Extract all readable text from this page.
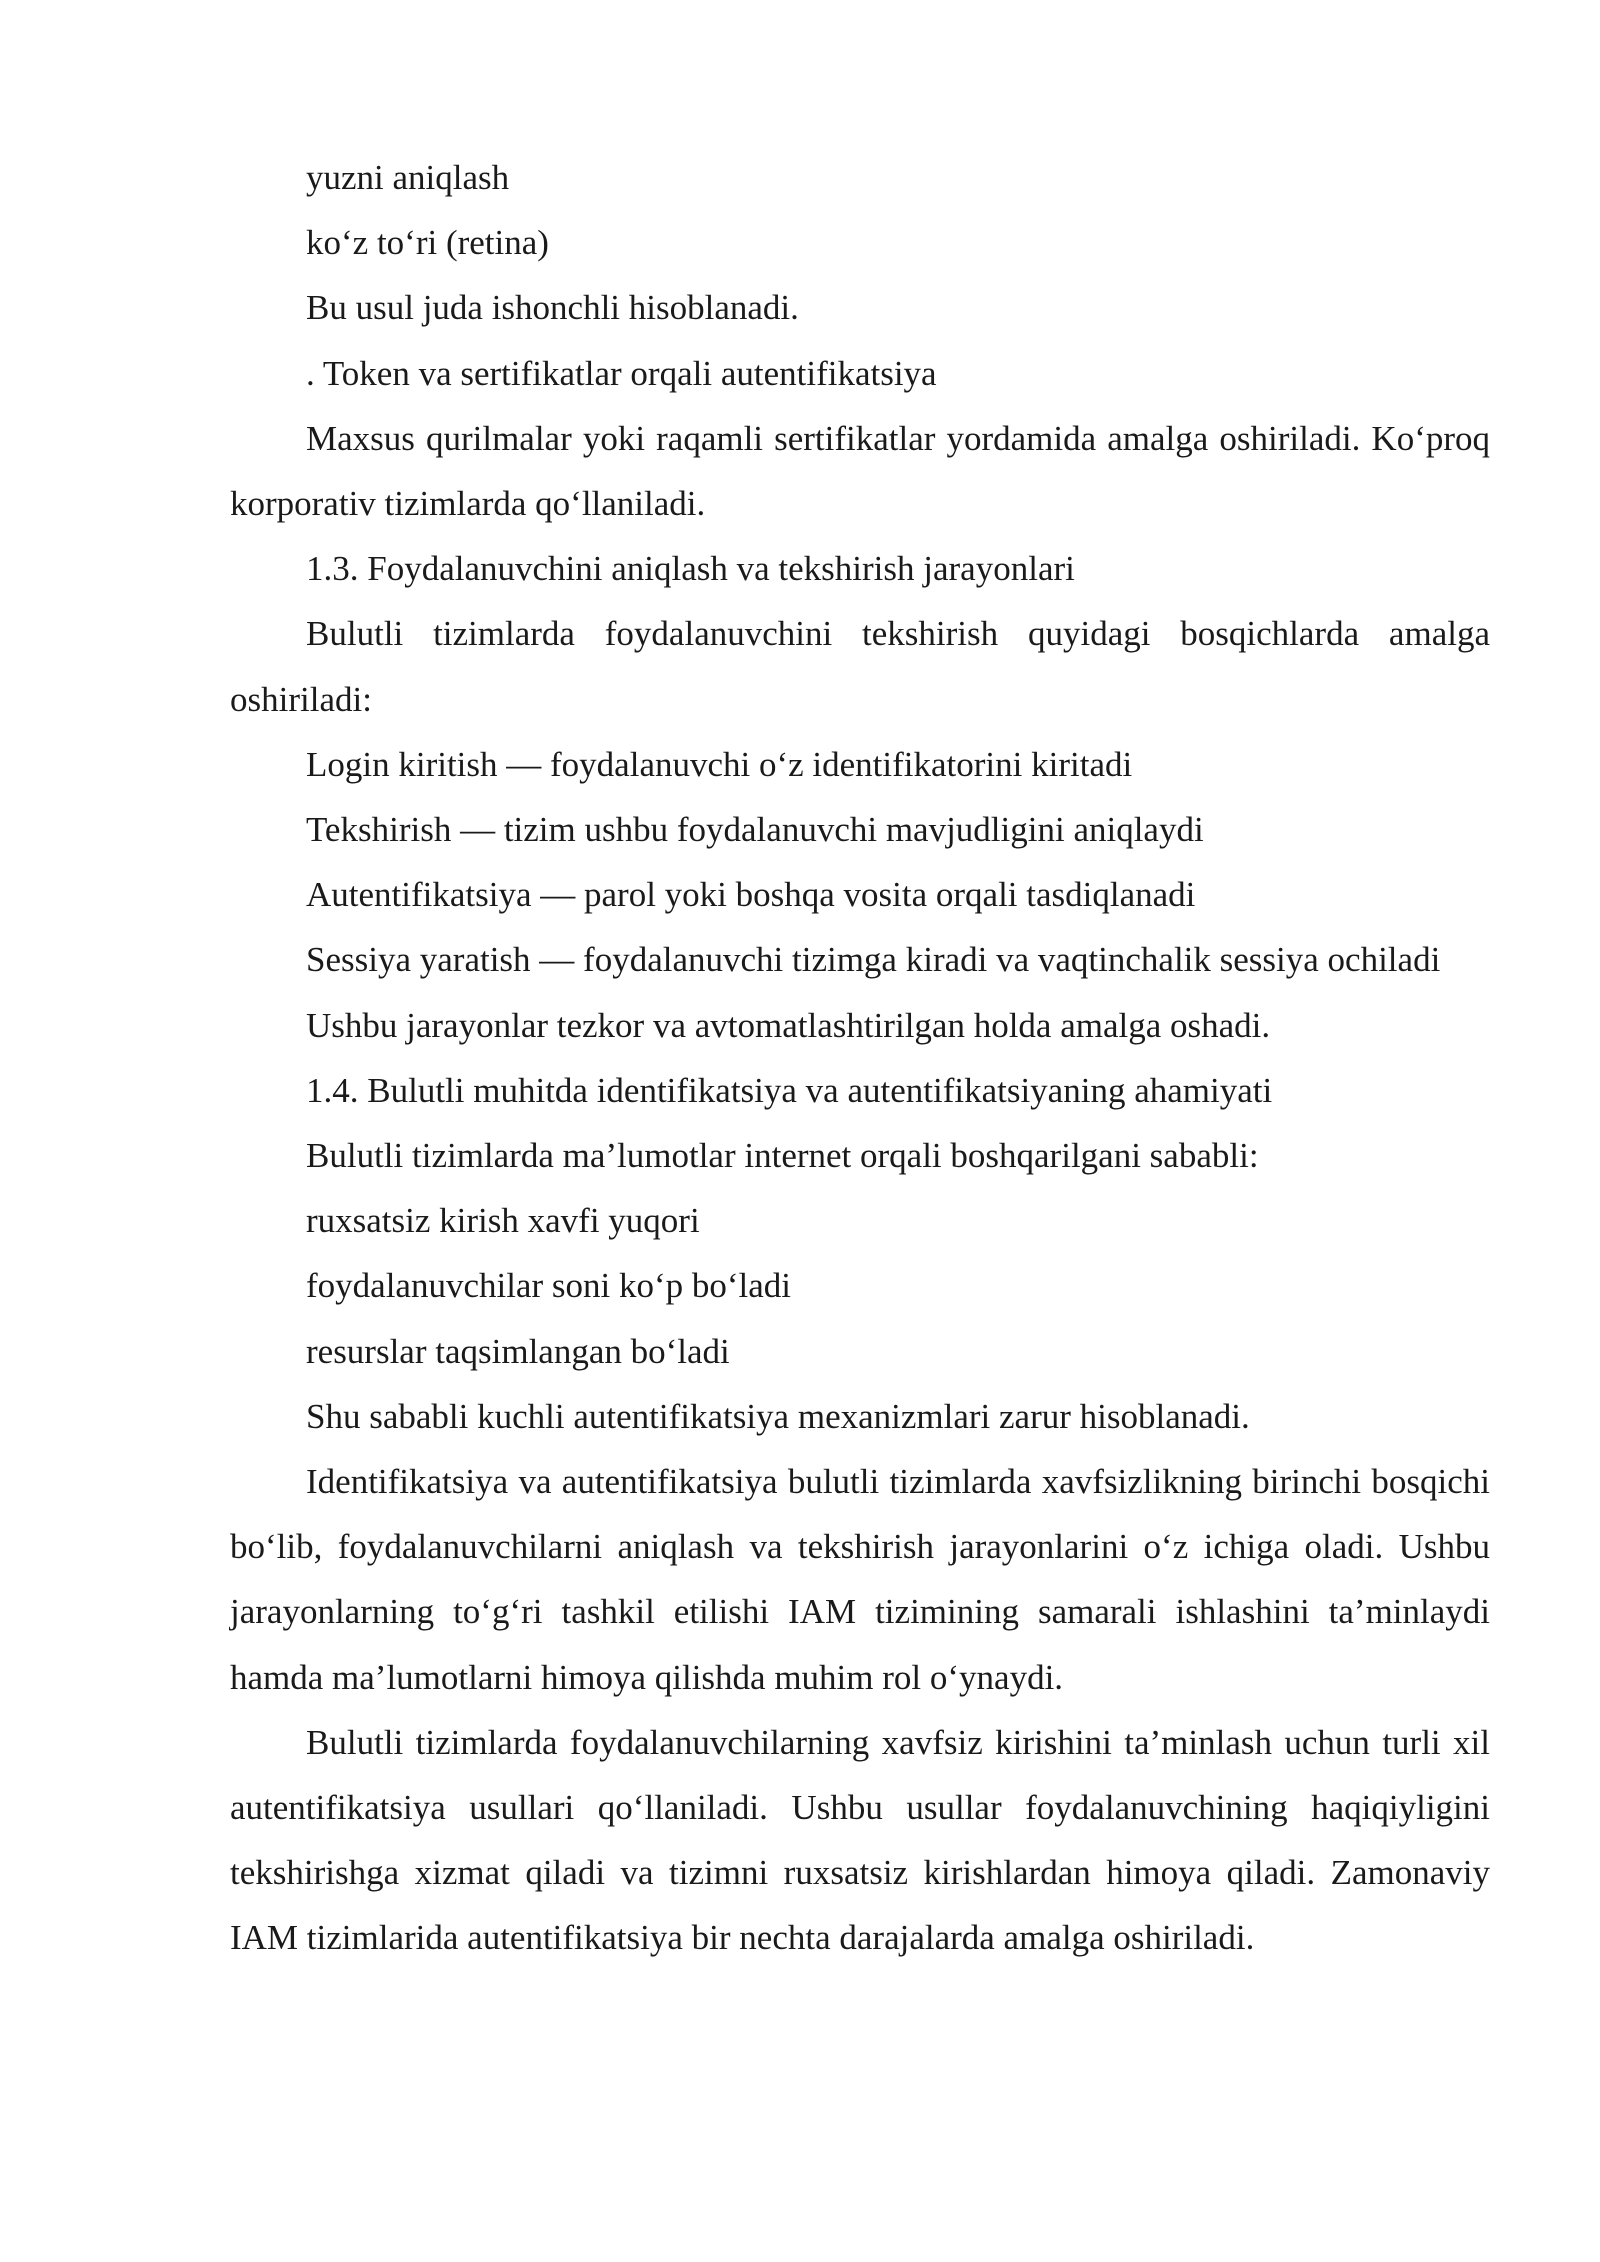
yuzni aniqlash

ko‘z to‘ri (retina)

Bu usul juda ishonchli hisoblanadi.

. Token va sertifikatlar orqali autentifikatsiya

Maxsus qurilmalar yoki raqamli sertifikatlar yordamida amalga oshiriladi. Ko‘proq korporativ tizimlarda qo‘llaniladi.

1.3. Foydalanuvchini aniqlash va tekshirish jarayonlari

Bulutli tizimlarda foydalanuvchini tekshirish quyidagi bosqichlarda amalga oshiriladi:

Login kiritish — foydalanuvchi o‘z identifikatorini kiritadi

Tekshirish — tizim ushbu foydalanuvchi mavjudligini aniqlaydi

Autentifikatsiya — parol yoki boshqa vosita orqali tasdiqlanadi

Sessiya yaratish — foydalanuvchi tizimga kiradi va vaqtinchalik sessiya ochiladi

Ushbu jarayonlar tezkor va avtomatlashtirilgan holda amalga oshadi.

1.4. Bulutli muhitda identifikatsiya va autentifikatsiyaning ahamiyati

Bulutli tizimlarda ma’lumotlar internet orqali boshqarilgani sababli:

ruxsatsiz kirish xavfi yuqori

foydalanuvchilar soni ko‘p bo‘ladi

resurslar taqsimlangan bo‘ladi

Shu sababli kuchli autentifikatsiya mexanizmlari zarur hisoblanadi.

Identifikatsiya va autentifikatsiya bulutli tizimlarda xavfsizlikning birinchi bosqichi bo‘lib, foydalanuvchilarni aniqlash va tekshirish jarayonlarini o‘z ichiga oladi. Ushbu jarayonlarning to‘g‘ri tashkil etilishi IAM tizimining samarali ishlashini ta’minlaydi hamda ma’lumotlarni himoya qilishda muhim rol o‘ynaydi.

Bulutli tizimlarda foydalanuvchilarning xavfsiz kirishini ta’minlash uchun turli xil autentifikatsiya usullari qo‘llaniladi. Ushbu usullar foydalanuvchining haqiqiyligini tekshirishga xizmat qiladi va tizimni ruxsatsiz kirishlardan himoya qiladi. Zamonaviy IAM tizimlarida autentifikatsiya bir nechta darajalarda amalga oshiriladi.
